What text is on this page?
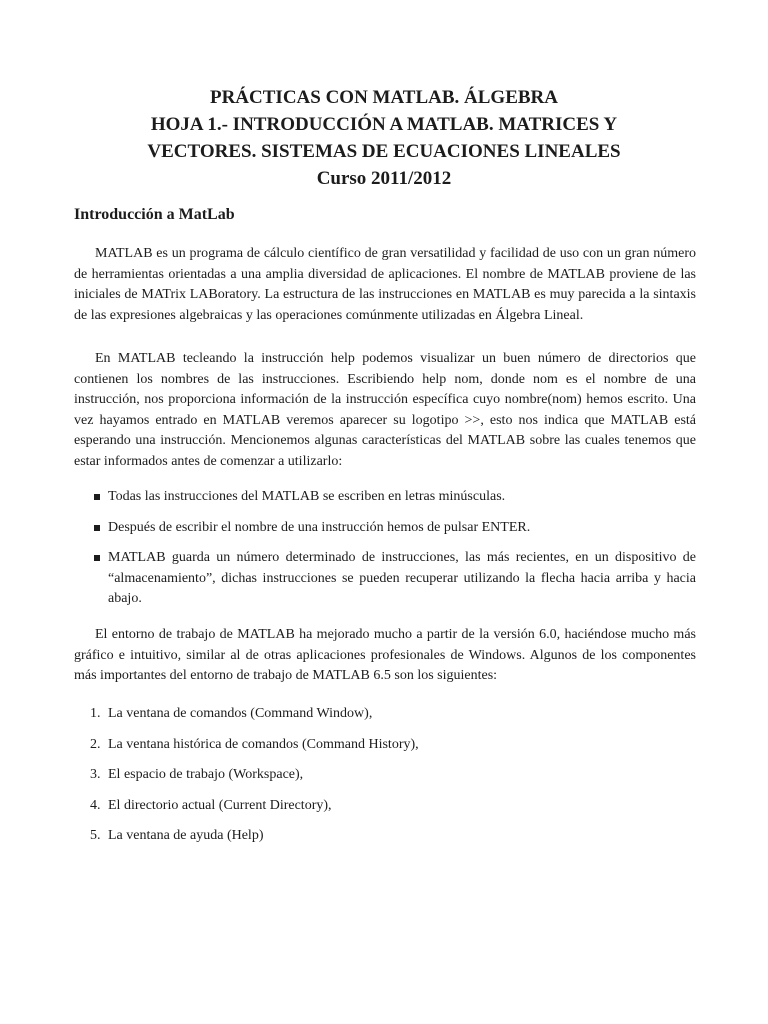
PRÁCTICAS CON MATLAB. ÁLGEBRA
HOJA 1.- INTRODUCCIÓN A MATLAB. MATRICES Y
VECTORES. SISTEMAS DE ECUACIONES LINEALES
Curso 2011/2012
Introducción a MatLab

MATLAB es un programa de cálculo científico de gran versatilidad y facilidad de uso con un gran número de herramientas orientadas a una amplia diversidad de aplicaciones. El nombre de MATLAB proviene de las iniciales de MATrix LABoratory. La estructura de las instrucciones en MATLAB es muy parecida a la sintaxis de las expresiones algebraicas y las operaciones comúnmente utilizadas en Álgebra Lineal.

En MATLAB tecleando la instrucción help podemos visualizar un buen número de directorios que contienen los nombres de las instrucciones. Escribiendo help nom, donde nom es el nombre de una instrucción, nos proporciona información de la instrucción específica cuyo nombre(nom) hemos escrito. Una vez hayamos entrado en MATLAB veremos aparecer su logotipo >>, esto nos indica que MATLAB está esperando una instrucción. Mencionemos algunas características del MATLAB sobre las cuales tenemos que estar informados antes de comenzar a utilizarlo:

Todas las instrucciones del MATLAB se escriben en letras minúsculas.
Después de escribir el nombre de una instrucción hemos de pulsar ENTER.
MATLAB guarda un número determinado de instrucciones, las más recientes, en un dispositivo de “almacenamiento”, dichas instrucciones se pueden recuperar utilizando la flecha hacia arriba y hacia abajo.

El entorno de trabajo de MATLAB ha mejorado mucho a partir de la versión 6.0, haciéndose mucho más gráfico e intuitivo, similar al de otras aplicaciones profesionales de Windows. Algunos de los componentes más importantes del entorno de trabajo de MATLAB 6.5 son los siguientes:

1. La ventana de comandos (Command Window),
2. La ventana histórica de comandos (Command History),
3. El espacio de trabajo (Workspace),
4. El directorio actual (Current Directory),
5. La ventana de ayuda (Help)
